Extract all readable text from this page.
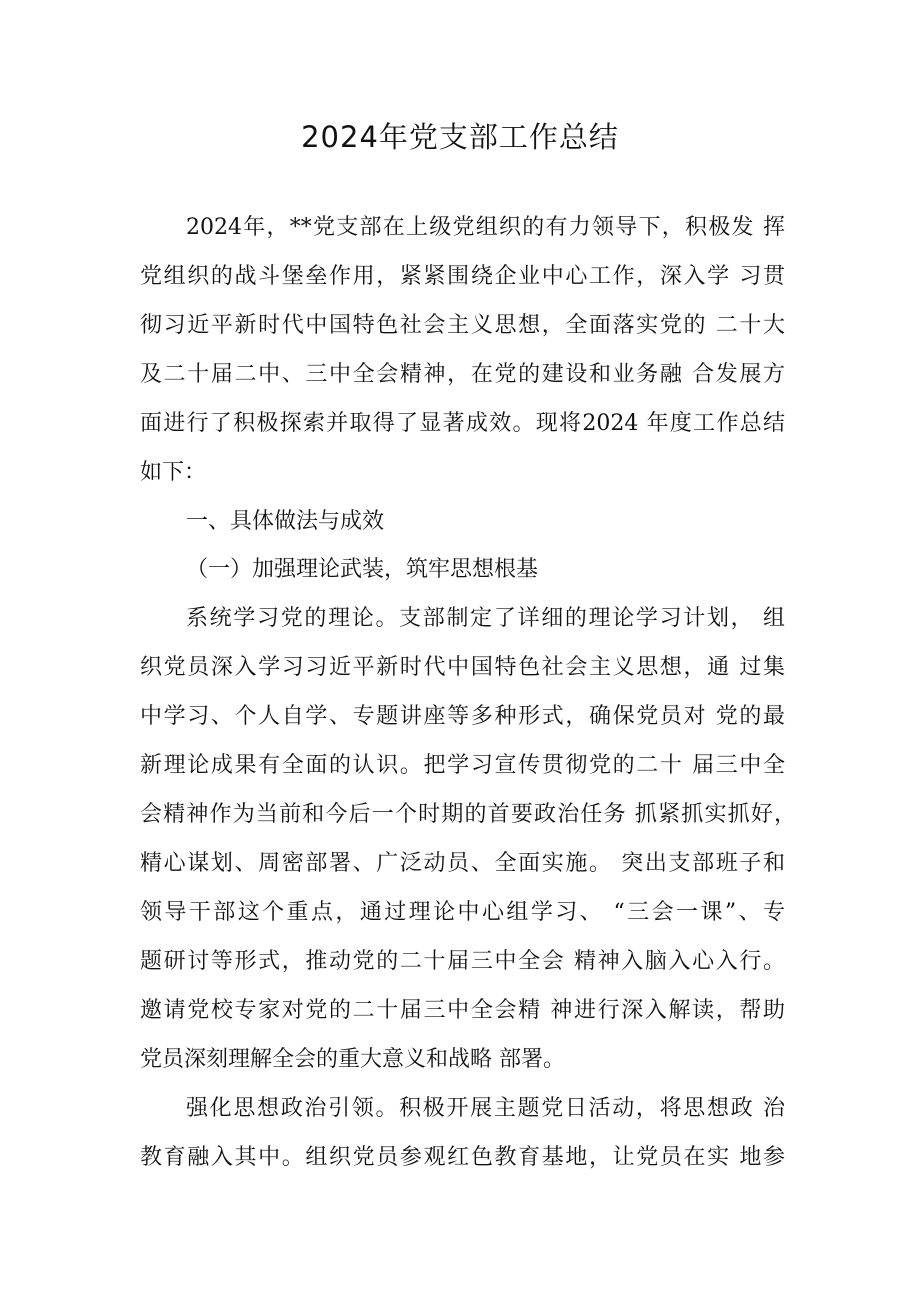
2024年党支部工作总结
2024年，**党支部在上级党组织的有力领导下，积极发 挥
党组织的战斗堡垒作用，紧紧围绕企业中心工作，深入学 习贯
彻习近平新时代中国特色社会主义思想，全面落实党的 二十大
及二十届二中、三中全会精神，在党的建设和业务融 合发展方
面进行了积极探索并取得了显著成效。现将2024 年度工作总结
如下：
一、具体做法与成效
（一）加强理论武装，筑牢思想根基
系统学习党的理论。支部制定了详细的理论学习计划， 组
织党员深入学习习近平新时代中国特色社会主义思想，通 过集
中学习、个人自学、专题讲座等多种形式，确保党员对 党的最
新理论成果有全面的认识。把学习宣传贯彻党的二十 届三中全
会精神作为当前和今后一个时期的首要政治任务 抓紧抓实抓好，
精心谋划、周密部署、广泛动员、全面实施。 突出支部班子和
领导干部这个重点，通过理论中心组学习、 “三会一课”、专
题研讨等形式，推动党的二十届三中全会 精神入脑入心入行。
邀请党校专家对党的二十届三中全会精 神进行深入解读，帮助
党员深刻理解全会的重大意义和战略 部署。
强化思想政治引领。积极开展主题党日活动，将思想政 治
教育融入其中。组织党员参观红色教育基地，让党员在实 地参
